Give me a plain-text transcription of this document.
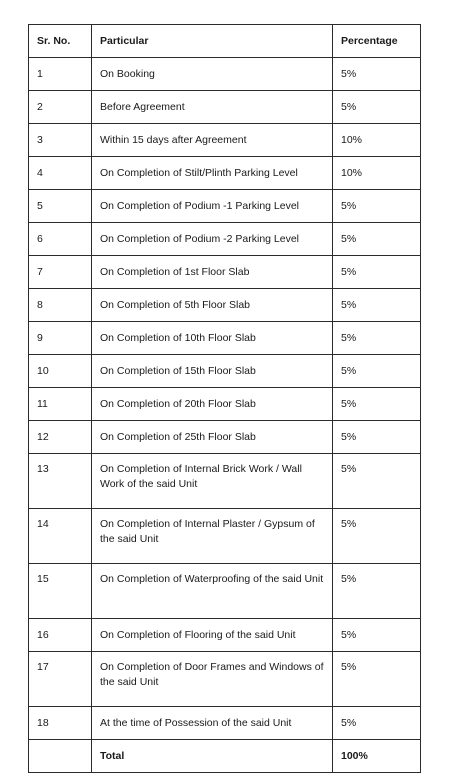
Sr. No.	Particular	Percentage
1	On Booking	5%
2	Before Agreement	5%
3	Within 15 days after Agreement	10%
4	On Completion of Stilt/Plinth Parking Level	10%
5	On Completion of Podium -1 Parking Level	5%
6	On Completion of Podium -2 Parking Level	5%
7	On Completion of 1st Floor Slab	5%
8	On Completion of 5th Floor Slab	5%
9	On Completion of 10th Floor Slab	5%
10	On Completion of 15th Floor Slab	5%
11	On Completion of 20th Floor Slab	5%
12	On Completion of 25th Floor Slab	5%
13	On Completion of Internal Brick Work / Wall Work of the said Unit	5%
14	On Completion of Internal Plaster / Gypsum of the said Unit	5%
15	On Completion of Waterproofing of the said Unit	5%
16	On Completion of Flooring of the said Unit	5%
17	On Completion of Door Frames and Windows of the said Unit	5%
18	At the time of Possession of the said Unit	5%
	Total	100%
